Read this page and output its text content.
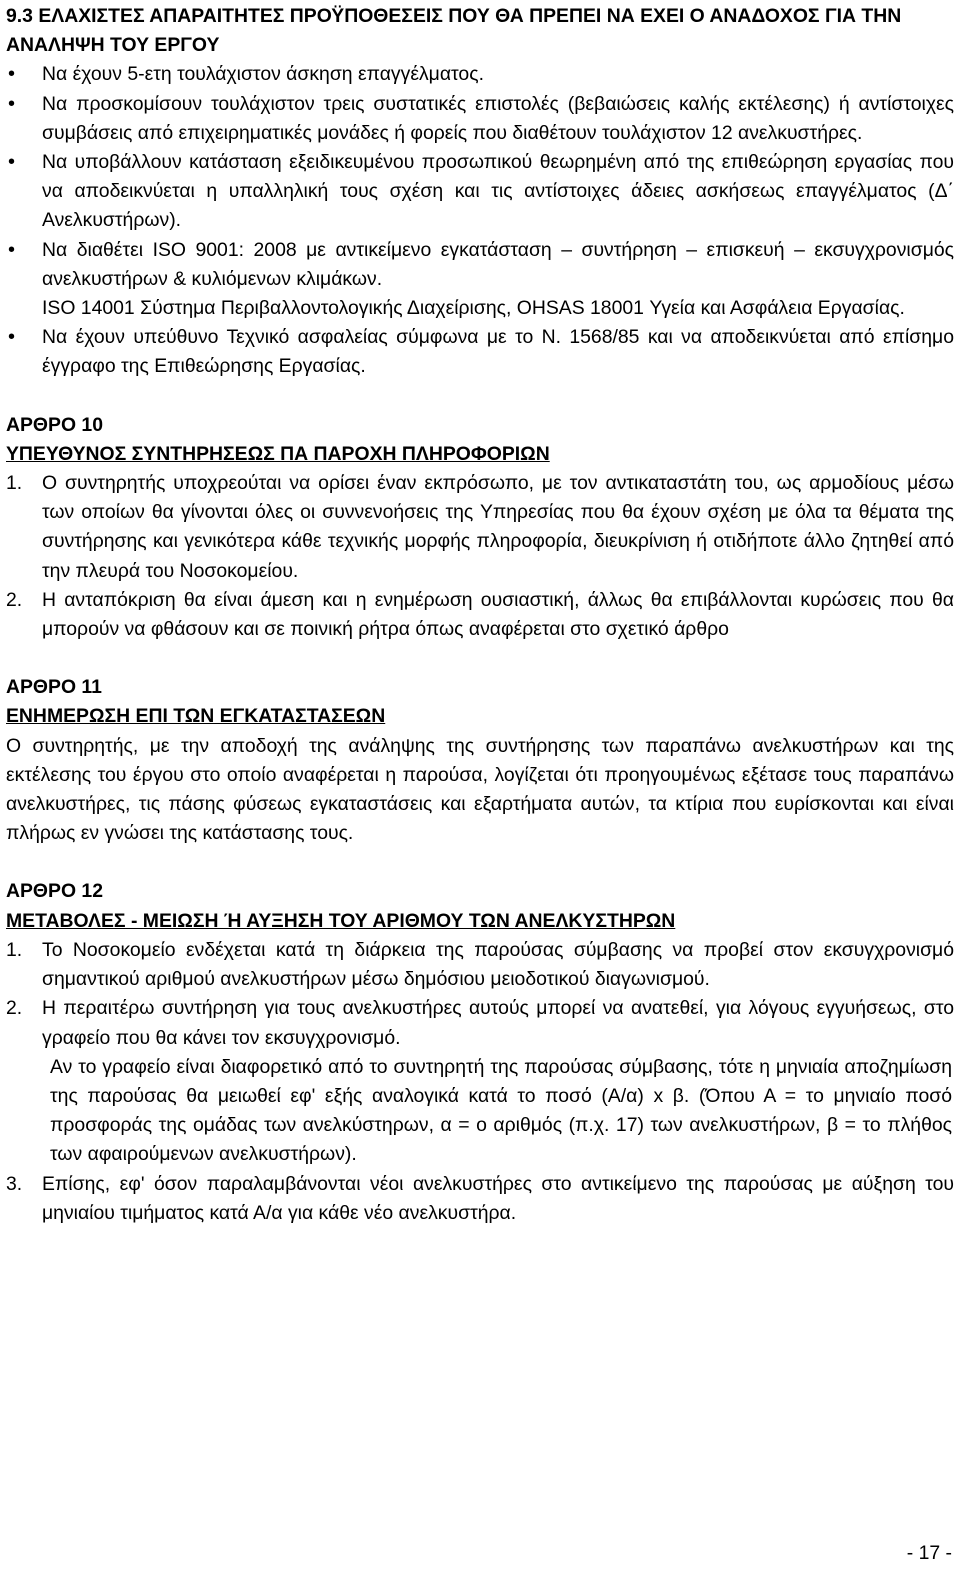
9.3 ΕΛΑΧΙΣΤΕΣ ΑΠΑΡΑΙΤΗΤΕΣ ΠΡΟΫΠΟΘΕΣΕΙΣ ΠΟΥ ΘΑ ΠΡΕΠΕΙ ΝΑ ΕΧΕΙ Ο ΑΝΑΔΟΧΟΣ ΓΙΑ ΤΗΝ ΑΝΑΛΗΨΗ ΤΟΥ ΕΡΓΟΥ
• Να έχουν 5-ετη τουλάχιστον άσκηση επαγγέλματος.
• Να προσκομίσουν τουλάχιστον τρεις συστατικές επιστολές (βεβαιώσεις καλής εκτέλεσης) ή αντίστοιχες συμβάσεις από επιχειρηματικές μονάδες ή φορείς που διαθέτουν τουλάχιστον 12 ανελκυστήρες.
• Να υποβάλλουν κατάσταση εξειδικευμένου προσωπικού θεωρημένη από της επιθεώρηση εργασίας που να αποδεικνύεται η υπαλληλική τους σχέση και τις αντίστοιχες άδειες ασκήσεως επαγγέλματος (Δ΄ Ανελκυστήρων).
• Να διαθέτει ISO 9001: 2008 με αντικείμενο εγκατάσταση – συντήρηση – επισκευή – εκσυγχρονισμός ανελκυστήρων & κυλιόμενων κλιμάκων.
ISO 14001 Σύστημα Περιβαλλοντολογικής Διαχείρισης, OHSAS 18001 Υγεία και Ασφάλεια Εργασίας.
• Να έχουν υπεύθυνο Τεχνικό ασφαλείας σύμφωνα με το Ν. 1568/85 και να αποδεικνύεται από επίσημο έγγραφο της Επιθεώρησης Εργασίας.
ΑΡΘΡΟ 10
ΥΠΕΥΘΥΝΟΣ ΣΥΝΤΗΡΗΣΕΩΣ ΠΑ ΠΑΡΟΧΗ ΠΛΗΡΟΦΟΡΙΩΝ
1. Ο συντηρητής υποχρεούται να ορίσει έναν εκπρόσωπο, με τον αντικαταστάτη του, ως αρμοδίους μέσω των οποίων θα γίνονται όλες οι συννενοήσεις της Υπηρεσίας που θα έχουν σχέση με όλα τα θέματα της συντήρησης και γενικότερα κάθε τεχνικής μορφής πληροφορία, διευκρίνιση ή οτιδήποτε άλλο ζητηθεί από την πλευρά του Νοσοκομείου.
2. Η ανταπόκριση θα είναι άμεση και η ενημέρωση ουσιαστική, άλλως θα επιβάλλονται κυρώσεις που θα μπορούν να φθάσουν και σε ποινική ρήτρα όπως αναφέρεται στο σχετικό άρθρο
ΑΡΘΡΟ 11
ΕΝΗΜΕΡΩΣΗ ΕΠΙ ΤΩΝ ΕΓΚΑΤΑΣΤΑΣΕΩΝ
Ο συντηρητής, με την αποδοχή της ανάληψης της συντήρησης των παραπάνω ανελκυστήρων και της εκτέλεσης του έργου στο οποίο αναφέρεται η παρούσα, λογίζεται ότι προηγουμένως εξέτασε τους παραπάνω ανελκυστήρες, τις πάσης φύσεως εγκαταστάσεις και εξαρτήματα αυτών, τα κτίρια που ευρίσκονται και είναι πλήρως εν γνώσει της κατάστασης τους.
ΑΡΘΡΟ 12
ΜΕΤΑΒΟΛΕΣ - ΜΕΙΩΣΗ Ή ΑΥΞΗΣΗ ΤΟΥ ΑΡΙΘΜΟΥ ΤΩΝ ΑΝΕΛΚΥΣΤΗΡΩΝ
1. Το Νοσοκομείο ενδέχεται κατά τη διάρκεια της παρούσας σύμβασης να προβεί στον εκσυγχρονισμό σημαντικού αριθμού ανελκυστήρων μέσω δημόσιου μειοδοτικού διαγωνισμού.
2. Η περαιτέρω συντήρηση για τους ανελκυστήρες αυτούς μπορεί να ανατεθεί, για λόγους εγγυήσεως, στο γραφείο που θα κάνει τον εκσυγχρονισμό.
Αν το γραφείο είναι διαφορετικό από το συντηρητή της παρούσας σύμβασης, τότε η μηνιαία αποζημίωση της παρούσας θα μειωθεί εφ' εξής αναλογικά κατά το ποσό (Α/α) x β. (Όπου Α = το μηνιαίο ποσό προσφοράς της ομάδας των ανελκύστηρων, α = ο αριθμός (π.χ. 17) των ανελκυστήρων, β = το πλήθος των αφαιρούμενων ανελκυστήρων).
3. Επίσης, εφ' όσον παραλαμβάνονται νέοι ανελκυστήρες στο αντικείμενο της παρούσας με αύξηση του μηνιαίου τιμήματος κατά Α/α για κάθε νέο ανελκυστήρα.
- 17 -
